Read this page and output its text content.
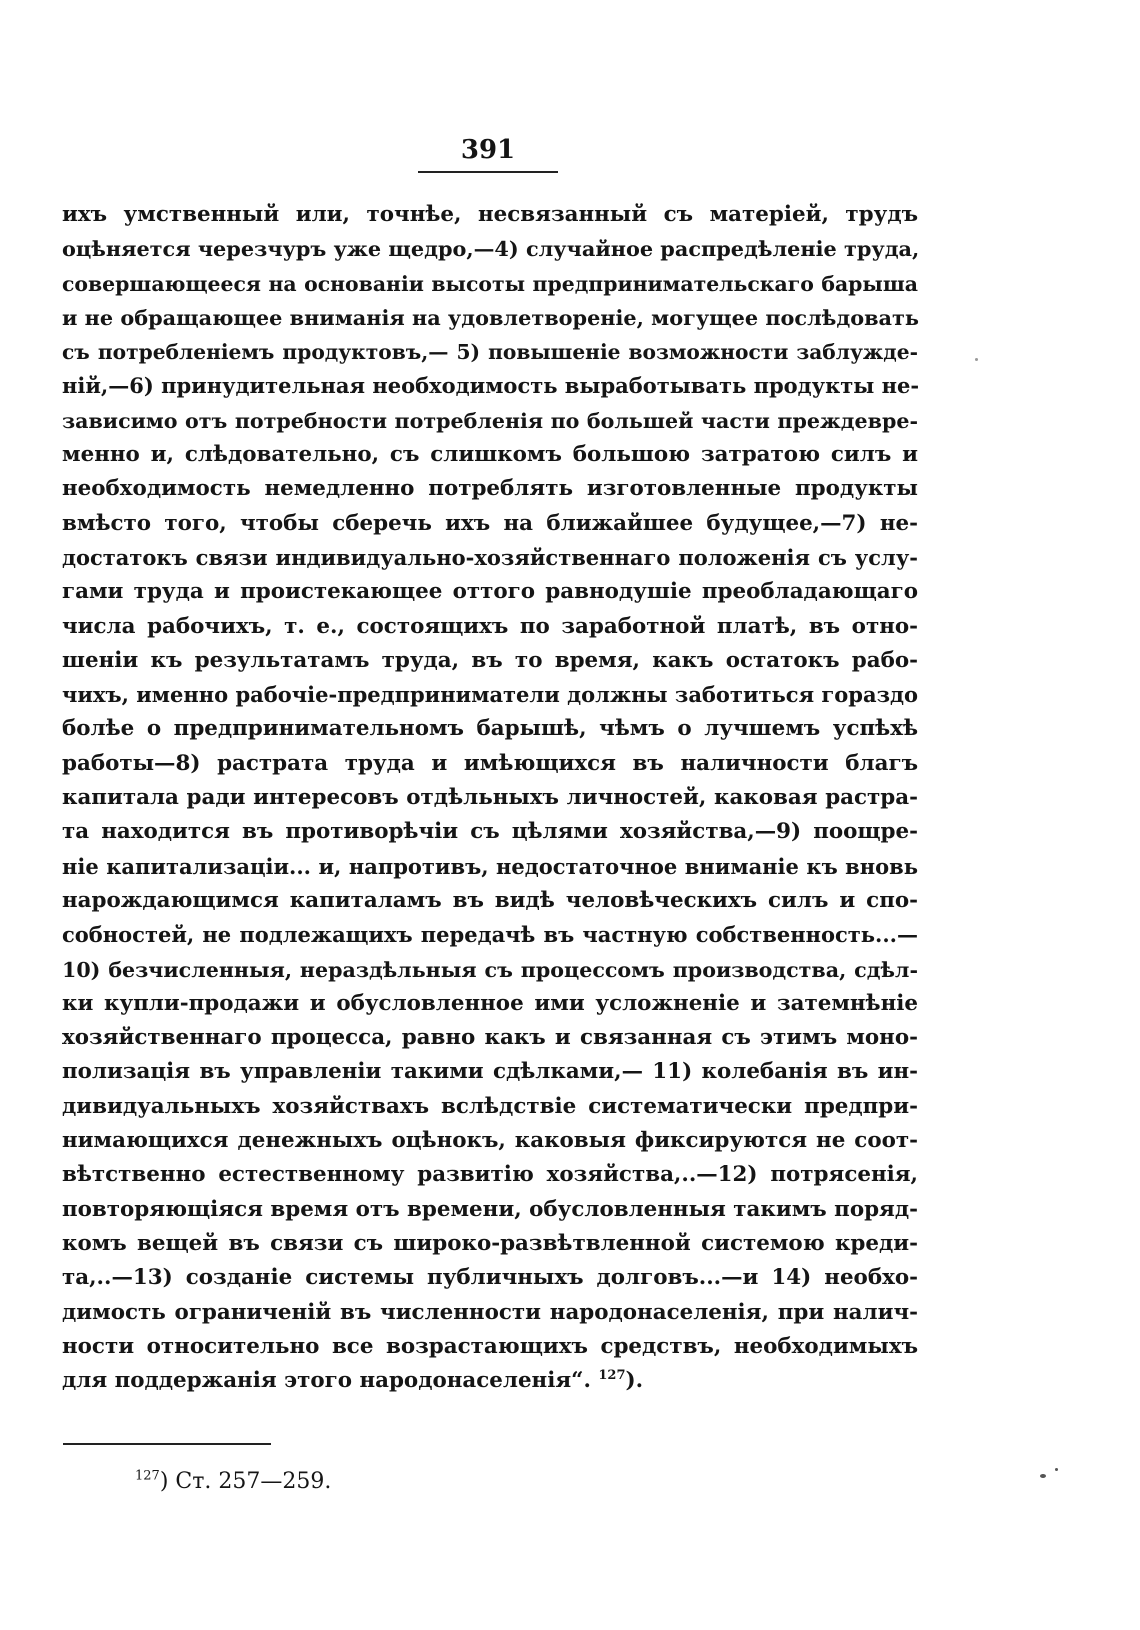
391
ихъ умственный или, точнѣе, несвязанный съ матеріей, трудъ
оцѣняется черезчуръ уже щедро,—4) случайное распредѣленіе труда,
совершающееся на основаніи высоты предпринимательскаго барыша
и не обращающее вниманія на удовлетвореніе, могущее послѣдовать
съ потребленіемъ продуктовъ,— 5) повышеніе возможности заблужде-
ній,—6) принудительная необходимость выработывать продукты не-
зависимо отъ потребности потребленія по большей части преждевре-
менно и, слѣдовательно, съ слишкомъ большою затратою силъ и
необходимость немедленно потреблять изготовленные продукты
вмѣсто того, чтобы сберечь ихъ на ближайшее будущее,—7) не-
достатокъ связи индивидуально-хозяйственнаго положенія съ услу-
гами труда и проистекающее оттого равнодушіе преобладающаго
числа рабочихъ, т. е., состоящихъ по заработной платѣ, въ отно-
шеніи къ результатамъ труда, въ то время, какъ остатокъ рабо-
чихъ, именно рабочіе-предприниматели должны заботиться гораздо
болѣе о предпринимательномъ барышѣ, чѣмъ о лучшемъ успѣхѣ
работы—8) растрата труда и имѣющихся въ наличности благъ
капитала ради интересовъ отдѣльныхъ личностей, каковая растра-
та находится въ противорѣчіи съ цѣлями хозяйства,—9) поощре-
ніе капитализаціи... и, напротивъ, недостаточное вниманіе къ вновь
нарождающимся капиталамъ въ видѣ человѣческихъ силъ и спо-
собностей, не подлежащихъ передачѣ въ частную собственность...—
10) безчисленныя, нераздѣльныя съ процессомъ производства, сдѣл-
ки купли-продажи и обусловленное ими усложненіе и затемнѣніе
хозяйственнаго процесса, равно какъ и связанная съ этимъ моно-
полизація въ управленіи такими сдѣлками,— 11) колебанія въ ин-
дивидуальныхъ хозяйствахъ вслѣдствіе систематически предпри-
нимающихся денежныхъ оцѣнокъ, каковыя фиксируются не соот-
вѣтственно естественному развитію хозяйства,..—12) потрясенія,
повторяющіяся время отъ времени, обусловленныя такимъ поряд-
комъ вещей въ связи съ широко-развѣтвленной системою креди-
та,..—13) созданіе системы публичныхъ долговъ...—и 14) необхо-
димость ограниченій въ численности народонаселенія, при налич-
ности относительно все возрастающихъ средствъ, необходимыхъ
для поддержанія этого народонаселенія“. $^{127}$).
$^{127}$) Ст. 257—259.
